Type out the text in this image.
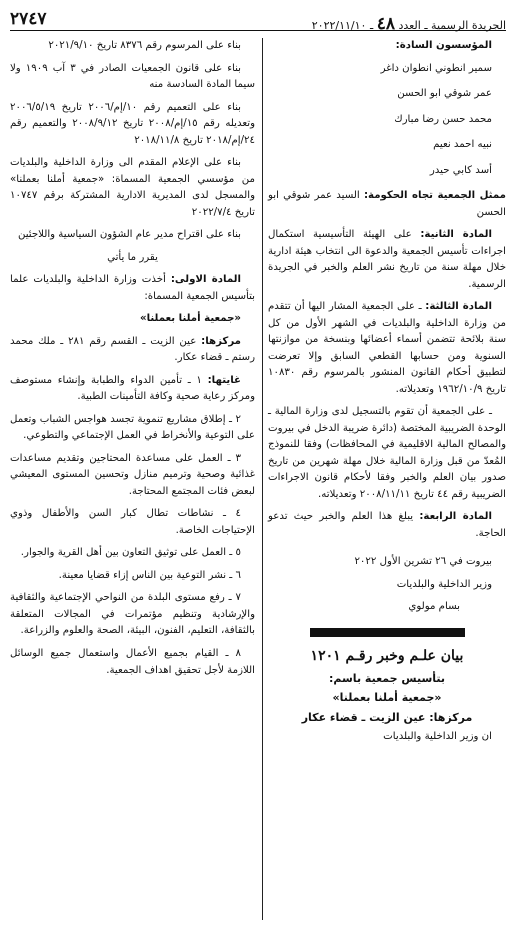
الجريدة الرسمية ـ العدد ٤٨ ـ ٢٠٢٢/١١/١٠
٢٧٤٧

المؤسسون السادة:

سمير انطوني انطوان داغر

عمر شوقي ابو الحسن

محمد حسن رضا مبارك

نبيه احمد نعيم

أسد كابي حيدر

ممثل الجمعية تجاه الحكومة: السيد عمر شوقي ابو الحسن

المادة الثانية: على الهيئة التأسيسية استكمال اجراءات تأسيس الجمعية والدعوة الى انتخاب هيئة ادارية خلال مهلة سنة من تاريخ نشر العلم والخبر في الجريدة الرسمية.

المادة الثالثة: ـ على الجمعية المشار اليها أن تتقدم من وزارة الداخلية والبلديات في الشهر الأول من كل سنة بلائحة تتضمن أسماء أعضائها وبنسخة من موازنتها السنوية ومن حسابها القطعي السابق وإلا تعرضت لتطبيق أحكام القانون المنشور بالمرسوم رقم ١٠٨٣٠ تاريخ ١٩٦٢/١٠/٩ وتعديلاته.

ـ على الجمعية أن تقوم بالتسجيل لدى وزارة المالية ـ الوحدة الضريبية المختصة (دائرة ضريبة الدخل في بيروت والمصالح المالية الاقليمية في المحافظات) وفقا للنموذج المُعدّ من قبل وزارة المالية خلال مهلة شهرين من تاريخ صدور بيان العلم والخبر وفقا لأحكام قانون الاجراءات الضريبية رقم ٤٤ تاريخ ٢٠٠٨/١١/١١ وتعديلاته.

المادة الرابعة: يبلغ هذا العلم والخبر حيث تدعو الحاجة.

بيروت في ٢٦ تشرين الأول ٢٠٢٢

وزير الداخلية والبلديات

بسام مولوي

بيان علـم وخبر رقـم ١٢٠١

بتأسيس جمعية باسم:

«جمعية أملنا بعملنا»

مركزها: عين الزيت ـ قضاء عكار

ان وزير الداخلية والبلديات

بناء على المرسوم رقم ٨٣٧٦ تاريخ ٢٠٢١/٩/١٠

بناء على قانون الجمعيات الصادر في ٣ آب ١٩٠٩ ولا سيما المادة السادسة منه

بناء على التعميم رقم ١٠/إم/٢٠٠٦ تاريخ ٢٠٠٦/٥/١٩ وتعديله رقم ١٥/إم/٢٠٠٨ تاريخ ٢٠٠٨/٩/١٢ والتعميم رقم ٢٤/إم/٢٠١٨ تاريخ ٢٠١٨/١١/٨

بناء على الإعلام المقدم الى وزارة الداخلية والبلديات من مؤسسي الجمعية المسماة: «جمعية أملنا بعملنا» والمسجل لدى المديرية الادارية المشتركة برقم ١٠٧٤٧ تاريخ ٢٠٢٢/٧/٤

بناء على اقتراح مدير عام الشؤون السياسية واللاجئين

يقرر ما يأتي

المادة الاولى: أخذت وزارة الداخلية والبلديات علما بتأسيس الجمعية المسماة:

«جمعية أملنا بعملنا»

مركزها: عين الزيت ـ القسم رقم ٢٨١ ـ ملك محمد رستم ـ قضاء عكار.

غايتها: ١ ـ تأمين الدواء والطبابة وإنشاء مستوصف ومركز رعاية صحية وكافة التأمينات الطبية.

٢ ـ إطلاق مشاريع تنموية تجسد هواجس الشباب وتعمل على التوعية والأنخراط في العمل الإجتماعي والتطوعي.

٣ ـ العمل على مساعدة المحتاجين وتقديم مساعدات غذائية وصحية وترميم منازل وتحسين المستوى المعيشي لبعض فئات المجتمع المحتاجة.

٤ ـ نشاطات تطال كبار السن والأطفال وذوي الإحتياجات الخاصة.

٥ ـ العمل على توثيق التعاون بين أهل القرية والجوار.

٦ ـ نشر التوعية بين الناس إزاء قضايا معينة.

٧ ـ رفع مستوى البلدة من النواحي الإجتماعية والثقافية والإرشادية وتنظيم مؤتمرات في المجالات المتعلقة بالثقافة، التعليم، الفنون، البيئة، الصحة والعلوم والزراعة.

٨ ـ القيام بجميع الأعمال واستعمال جميع الوسائل اللازمة لأجل تحقيق اهداف الجمعية.
